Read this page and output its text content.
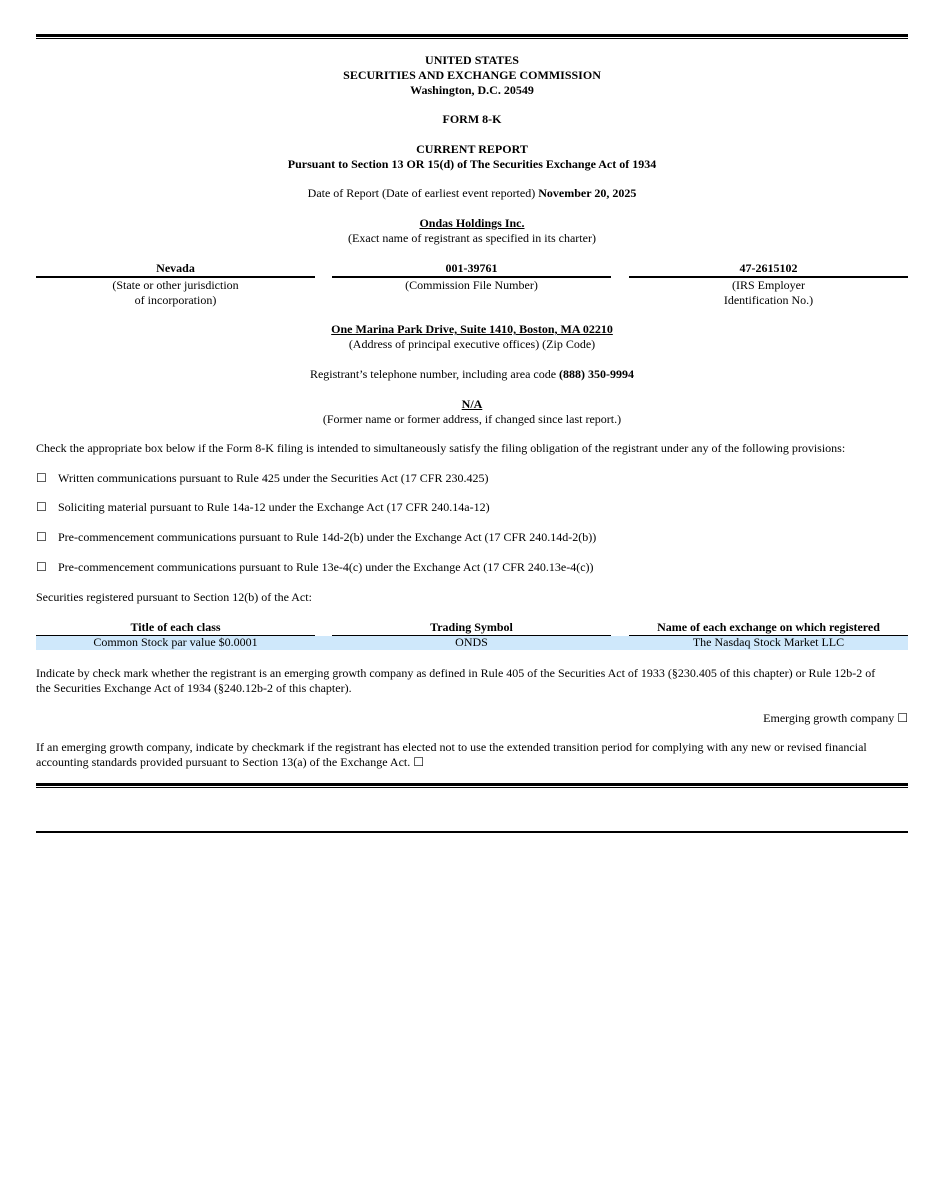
UNITED STATES
SECURITIES AND EXCHANGE COMMISSION
Washington, D.C. 20549
FORM 8-K
CURRENT REPORT
Pursuant to Section 13 OR 15(d) of The Securities Exchange Act of 1934
Date of Report (Date of earliest event reported) November 20, 2025
Ondas Holdings Inc.
(Exact name of registrant as specified in its charter)
Nevada
(State or other jurisdiction
of incorporation)
001-39761
(Commission File Number)
47-2615102
(IRS Employer
Identification No.)
One Marina Park Drive, Suite 1410, Boston, MA 02210
(Address of principal executive offices) (Zip Code)
Registrant’s telephone number, including area code (888) 350-9994
N/A
(Former name or former address, if changed since last report.)
Check the appropriate box below if the Form 8-K filing is intended to simultaneously satisfy the filing obligation of the registrant under any of the following provisions:
☐ Written communications pursuant to Rule 425 under the Securities Act (17 CFR 230.425)
☐ Soliciting material pursuant to Rule 14a-12 under the Exchange Act (17 CFR 240.14a-12)
☐ Pre-commencement communications pursuant to Rule 14d-2(b) under the Exchange Act (17 CFR 240.14d-2(b))
☐ Pre-commencement communications pursuant to Rule 13e-4(c) under the Exchange Act (17 CFR 240.13e-4(c))
Securities registered pursuant to Section 12(b) of the Act:
Title of each class	Trading Symbol	Name of each exchange on which registered
Common Stock par value $0.0001	ONDS	The Nasdaq Stock Market LLC
Indicate by check mark whether the registrant is an emerging growth company as defined in Rule 405 of the Securities Act of 1933 (§230.405 of this chapter) or Rule 12b-2 of
the Securities Exchange Act of 1934 (§240.12b-2 of this chapter).
Emerging growth company ☐
If an emerging growth company, indicate by checkmark if the registrant has elected not to use the extended transition period for complying with any new or revised financial
accounting standards provided pursuant to Section 13(a) of the Exchange Act. ☐
